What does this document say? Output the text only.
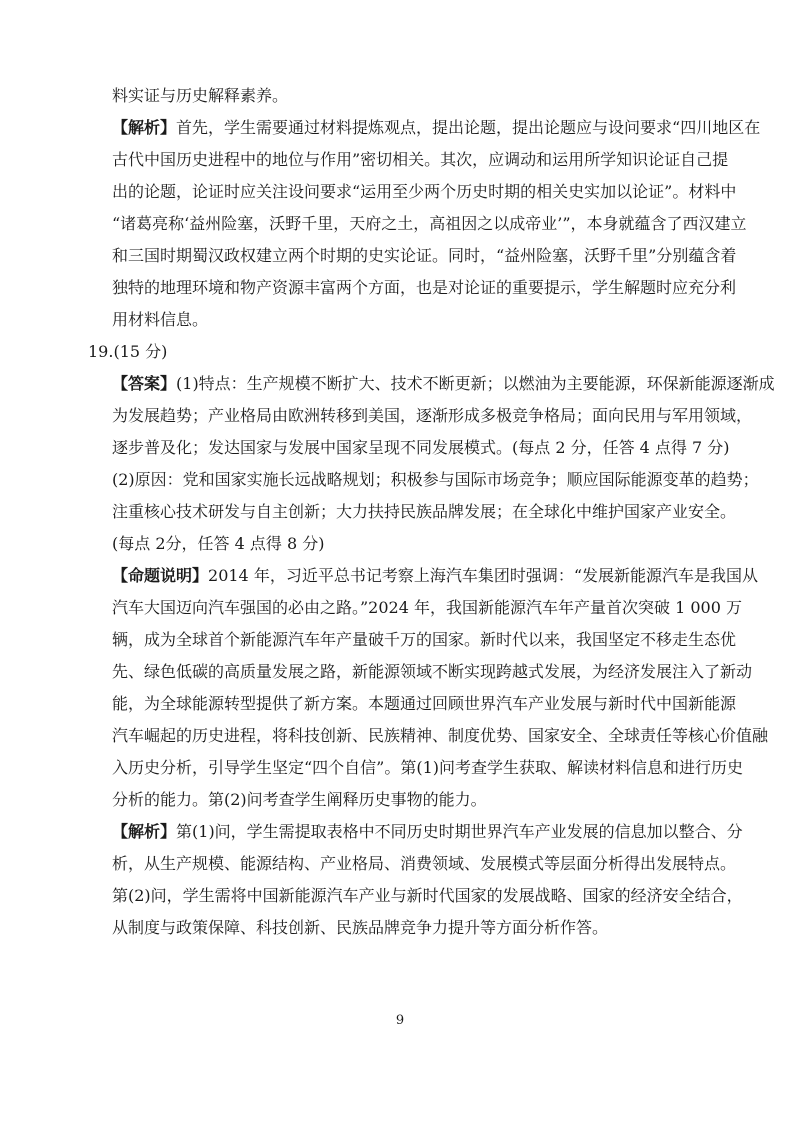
料实证与历史解释素养。
【解析】首先，学生需要通过材料提炼观点，提出论题，提出论题应与设问要求“四川地区在
古代中国历史进程中的地位与作用”密切相关。其次，应调动和运用所学知识论证自己提
出的论题，论证时应关注设问要求“运用至少两个历史时期的相关史实加以论证”。材料中
“诸葛亮称‘益州险塞，沃野千里，天府之土，高祖因之以成帝业’”，本身就蕴含了西汉建立
和三国时期蜀汉政权建立两个时期的史实论证。同时，“益州险塞，沃野千里”分别蕴含着
独特的地理环境和物产资源丰富两个方面，也是对论证的重要提示，学生解题时应充分利
用材料信息。
19.(15 分)
【答案】(1)特点：生产规模不断扩大、技术不断更新；以燃油为主要能源，环保新能源逐渐成
为发展趋势；产业格局由欧洲转移到美国，逐渐形成多极竞争格局；面向民用与军用领域，
逐步普及化；发达国家与发展中国家呈现不同发展模式。(每点 2 分，任答 4 点得 7 分)
(2)原因：党和国家实施长远战略规划；积极参与国际市场竞争；顺应国际能源变革的趋势；
注重核心技术研发与自主创新；大力扶持民族品牌发展；在全球化中维护国家产业安全。
(每点 2分，任答 4 点得 8 分)
【命题说明】2014 年，习近平总书记考察上海汽车集团时强调：“发展新能源汽车是我国从
汽车大国迈向汽车强国的必由之路。”2024 年，我国新能源汽车年产量首次突破 1 000 万
辆，成为全球首个新能源汽车年产量破千万的国家。新时代以来，我国坚定不移走生态优
先、绿色低碳的高质量发展之路，新能源领域不断实现跨越式发展，为经济发展注入了新动
能，为全球能源转型提供了新方案。本题通过回顾世界汽车产业发展与新时代中国新能源
汽车崛起的历史进程，将科技创新、民族精神、制度优势、国家安全、全球责任等核心价值融
入历史分析，引导学生坚定“四个自信”。第(1)问考查学生获取、解读材料信息和进行历史
分析的能力。第(2)问考查学生阐释历史事物的能力。
【解析】第(1)问，学生需提取表格中不同历史时期世界汽车产业发展的信息加以整合、分
析，从生产规模、能源结构、产业格局、消费领域、发展模式等层面分析得出发展特点。
第(2)问，学生需将中国新能源汽车产业与新时代国家的发展战略、国家的经济安全结合，
从制度与政策保障、科技创新、民族品牌竞争力提升等方面分析作答。
9
